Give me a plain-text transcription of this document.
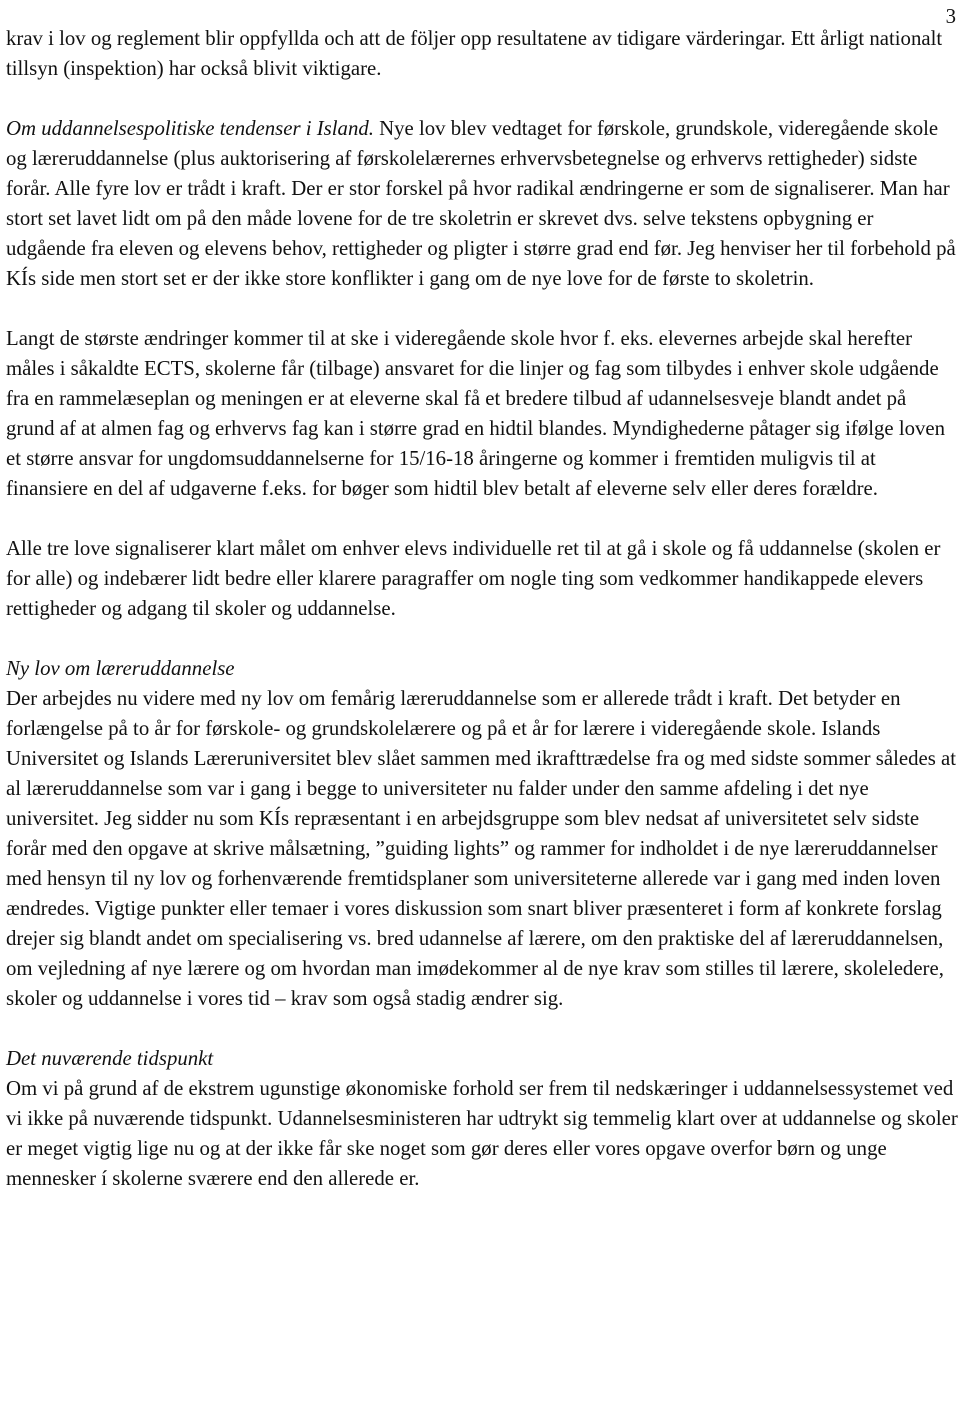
3

krav i lov og reglement blir oppfyllda och att de följer opp resultatene av tidigare värderingar. Ett årligt nationalt tillsyn (inspektion) har också blivit viktigare.

Om uddannelsespolitiske tendenser i Island. Nye lov blev vedtaget for førskole, grundskole, videregående skole og læreruddannelse (plus auktorisering af førskolelærernes erhvervsbetegnelse og erhvervs rettigheder) sidste forår. Alle fyre lov er trådt i kraft. Der er stor forskel på hvor radikal ændringerne er som de signaliserer. Man har stort set lavet lidt om på den måde lovene for de tre skoletrin er skrevet dvs. selve tekstens opbygning er udgående fra eleven og elevens behov, rettigheder og pligter i større grad end før. Jeg henviser her til forbehold på KÍs side men stort set er der ikke store konflikter i gang om de nye love for de første to skoletrin.

Langt de største ændringer kommer til at ske i videregående skole hvor f. eks. elevernes arbejde skal herefter måles i såkaldte ECTS, skolerne får (tilbage) ansvaret for die linjer og fag som tilbydes i enhver skole udgående fra en rammelæseplan og meningen er at eleverne skal få et bredere tilbud af udannelsesveje blandt andet på grund af at almen fag og erhvervs fag kan i større grad en hidtil blandes. Myndighederne påtager sig ifølge loven et større ansvar for ungdomsuddannelserne for 15/16-18 åringerne og kommer i fremtiden muligvis til at finansiere en del af udgaverne f.eks. for bøger som hidtil blev betalt af eleverne selv eller deres forældre.

Alle tre love signaliserer klart målet om enhver elevs individuelle ret til at gå i skole og få uddannelse (skolen er for alle) og indebærer lidt bedre eller klarere paragraffer om nogle ting som vedkommer handikappede elevers rettigheder og adgang til skoler og uddannelse.

Ny lov om læreruddannelse
Der arbejdes nu videre med ny lov om femårig læreruddannelse som er allerede trådt i kraft. Det betyder en forlængelse på to år for førskole- og grundskolelærere og på et år for lærere i videregående skole. Islands Universitet og Islands Læreruniversitet blev slået sammen med ikrafttrædelse fra og med sidste sommer således at al læreruddannelse som var i gang i begge to universiteter nu falder under den samme afdeling i det nye universitet. Jeg sidder nu som KÍs repræsentant i en arbejdsgruppe som blev nedsat af universitetet selv sidste forår med den opgave at skrive målsætning, ”guiding lights” og rammer for indholdet i de nye læreruddannelser med hensyn til ny lov og forhenværende fremtidsplaner som universiteterne allerede var i gang med inden loven ændredes. Vigtige punkter eller temaer i vores diskussion som snart bliver præsenteret i form af konkrete forslag drejer sig blandt andet om specialisering vs. bred udannelse af lærere, om den praktiske del af læreruddannelsen, om vejledning af nye lærere og om hvordan man imødekommer al de nye krav som stilles til lærere, skoleledere, skoler og uddannelse i vores tid – krav som også stadig ændrer sig.

Det nuværende tidspunkt
Om vi på grund af de ekstrem ugunstige økonomiske forhold ser frem til nedskæringer i uddannelsessystemet ved vi ikke på nuværende tidspunkt. Udannelsesministeren har udtrykt sig temmelig klart over at uddannelse og skoler er meget vigtig lige nu og at der ikke får ske noget som gør deres eller vores opgave overfor børn og unge mennesker í skolerne sværere end den allerede er.
